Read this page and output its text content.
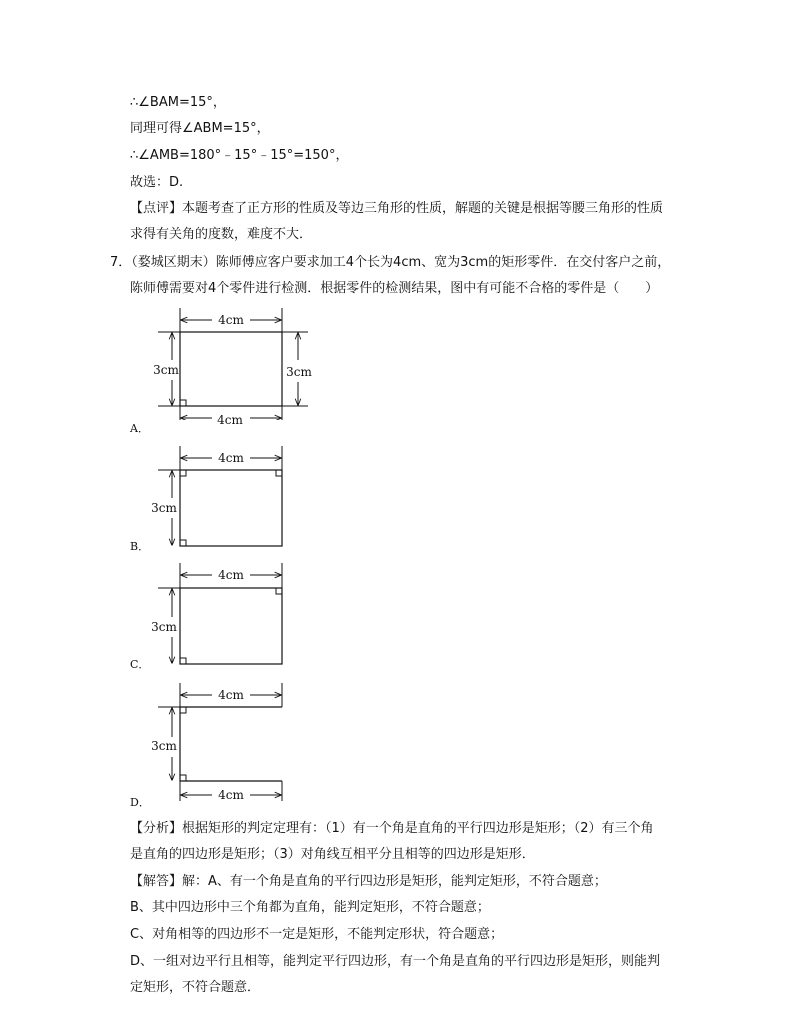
∴∠BAM=15°，
同理可得∠ABM=15°，
∴∠AMB=180°﹣15°﹣15°=150°，
故选：D.
【点评】本题考查了正方形的性质及等边三角形的性质，解题的关键是根据等腰三角形的性质
求得有关角的度数，难度不大．
7．（婺城区期末）陈师傅应客户要求加工4个长为4cm、宽为3cm的矩形零件．在交付客户之前，
陈师傅需要对4个零件进行检测．根据零件的检测结果，图中有可能不合格的零件是（　　）
4cm
3cm	3cm
4cm
A．
4cm
3cm
B．
4cm
3cm
C．
4cm
3cm
4cm
D．
【分析】根据矩形的判定定理有：（1）有一个角是直角的平行四边形是矩形；（2）有三个角
是直角的四边形是矩形；（3）对角线互相平分且相等的四边形是矩形．
【解答】解：A、有一个角是直角的平行四边形是矩形，能判定矩形，不符合题意；
B、其中四边形中三个角都为直角，能判定矩形，不符合题意；
C、对角相等的四边形不一定是矩形，不能判定形状，符合题意；
D、一组对边平行且相等，能判定平行四边形，有一个角是直角的平行四边形是矩形，则能判
定矩形，不符合题意．
